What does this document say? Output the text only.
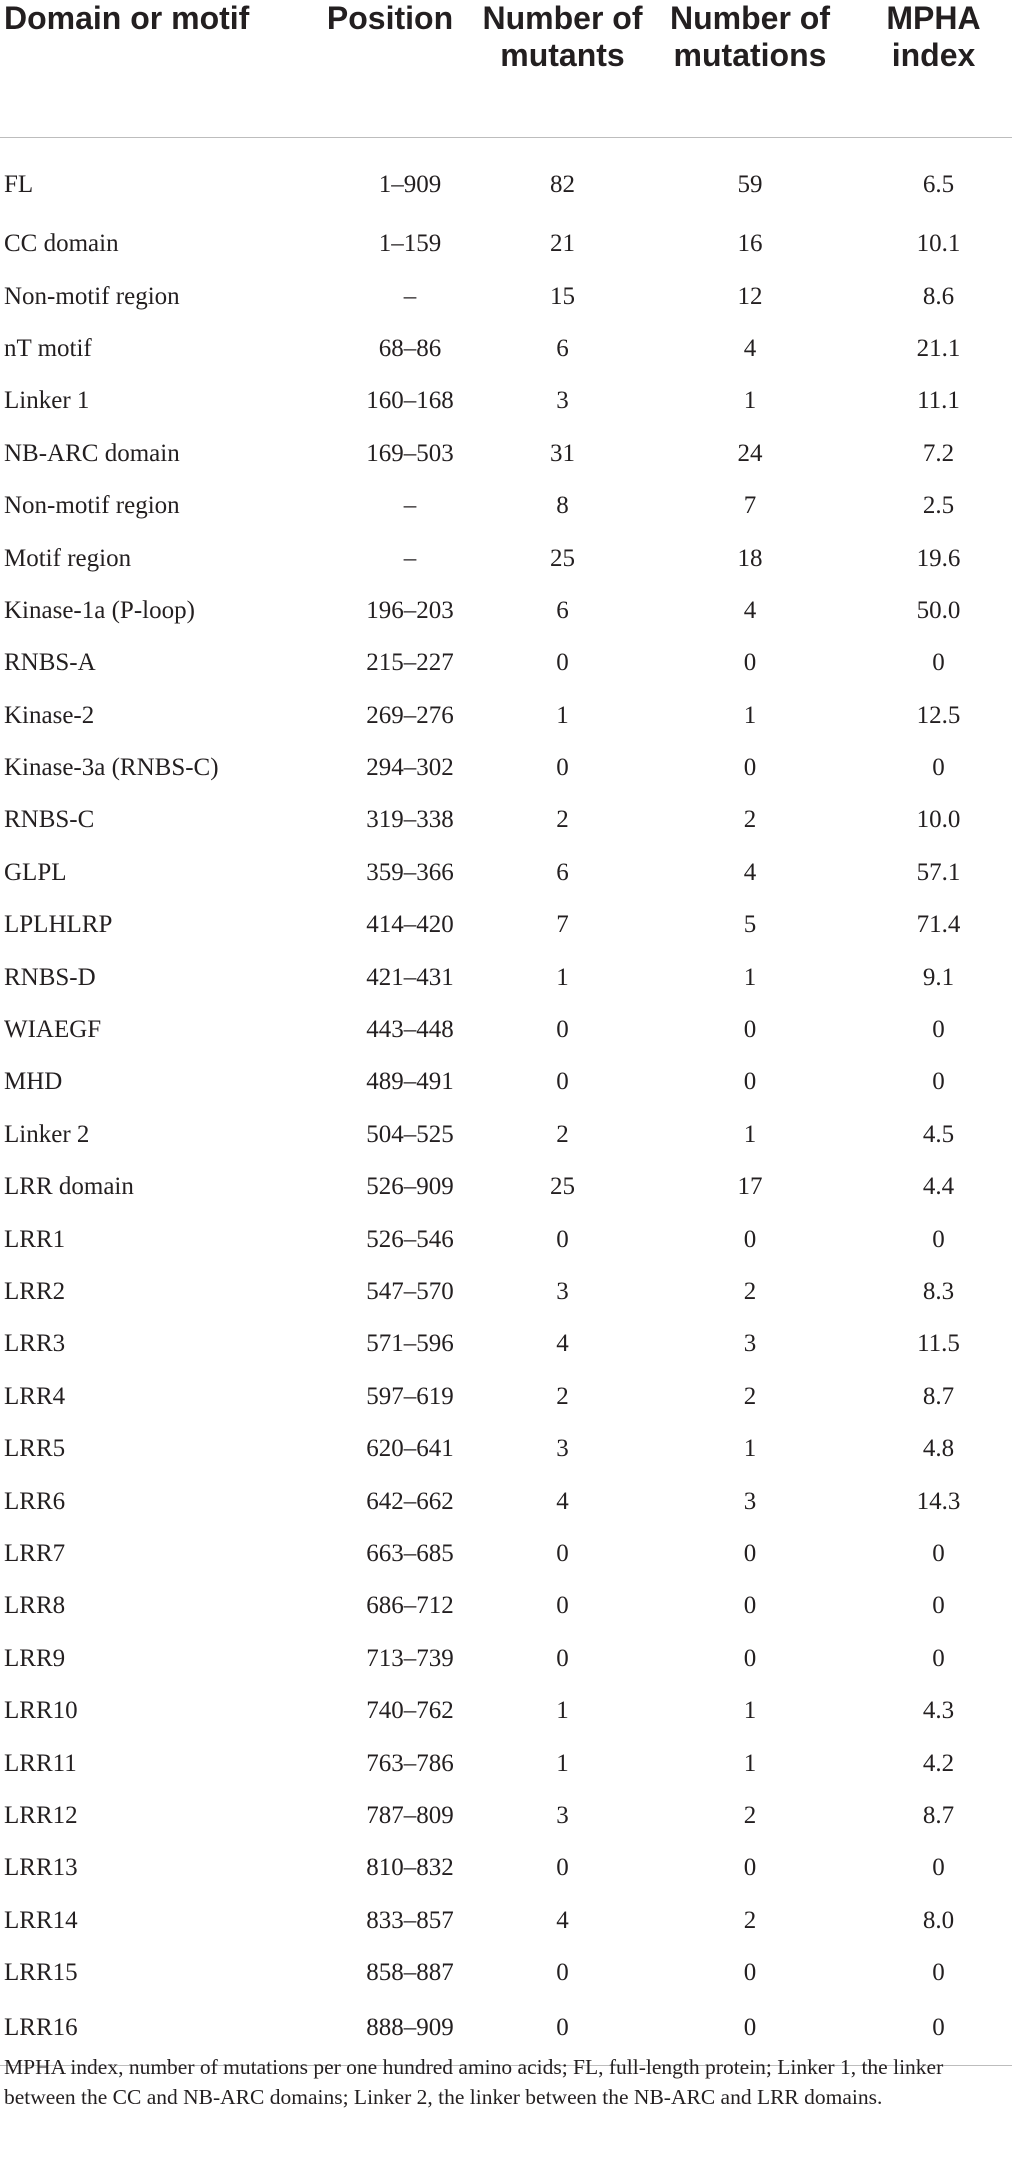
Domain or motif	Position	Number of mutants	Number of mutations	MPHA index
FL	1–909	82	59	6.5
CC domain	1–159	21	16	10.1
Non-motif region	–	15	12	8.6
nT motif	68–86	6	4	21.1
Linker 1	160–168	3	1	11.1
NB-ARC domain	169–503	31	24	7.2
Non-motif region	–	8	7	2.5
Motif region	–	25	18	19.6
Kinase-1a (P-loop)	196–203	6	4	50.0
RNBS-A	215–227	0	0	0
Kinase-2	269–276	1	1	12.5
Kinase-3a (RNBS-C)	294–302	0	0	0
RNBS-C	319–338	2	2	10.0
GLPL	359–366	6	4	57.1
LPLHLRP	414–420	7	5	71.4
RNBS-D	421–431	1	1	9.1
WIAEGF	443–448	0	0	0
MHD	489–491	0	0	0
Linker 2	504–525	2	1	4.5
LRR domain	526–909	25	17	4.4
LRR1	526–546	0	0	0
LRR2	547–570	3	2	8.3
LRR3	571–596	4	3	11.5
LRR4	597–619	2	2	8.7
LRR5	620–641	3	1	4.8
LRR6	642–662	4	3	14.3
LRR7	663–685	0	0	0
LRR8	686–712	0	0	0
LRR9	713–739	0	0	0
LRR10	740–762	1	1	4.3
LRR11	763–786	1	1	4.2
LRR12	787–809	3	2	8.7
LRR13	810–832	0	0	0
LRR14	833–857	4	2	8.0
LRR15	858–887	0	0	0
LRR16	888–909	0	0	0
MPHA index, number of mutations per one hundred amino acids; FL, full-length protein; Linker 1, the linker between the CC and NB-ARC domains; Linker 2, the linker between the NB-ARC and LRR domains.
